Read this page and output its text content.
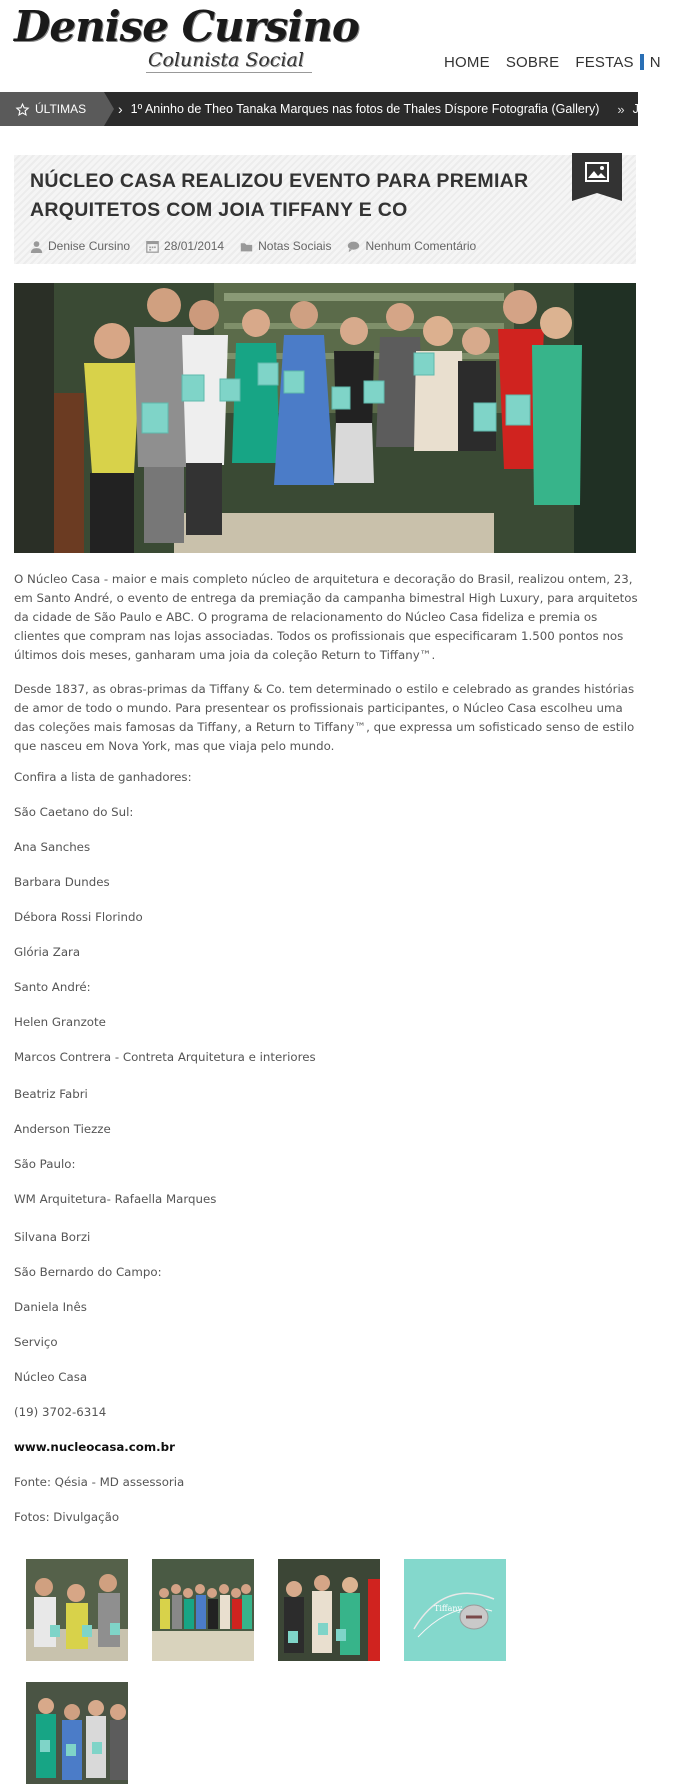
Denise Cursino
Colunista Social	HOME	SOBRE	FESTAS	N
ÚLTIMAS › 1º Aninho de Theo Tanaka Marques nas fotos de Thales Díspore Fotografia (Gallery) » J
NÚCLEO CASA REALIZOU EVENTO PARA PREMIAR ARQUITETOS COM JOIA TIFFANY E CO
Denise Cursino	28/01/2014	Notas Sociais	Nenhum Comentário

O Núcleo Casa - maior e mais completo núcleo de arquitetura e decoração do Brasil, realizou ontem, 23, em Santo André, o evento de entrega da premiação da campanha bimestral High Luxury, para arquitetos da cidade de São Paulo e ABC. O programa de relacionamento do Núcleo Casa fideliza e premia os clientes que compram nas lojas associadas. Todos os profissionais que especificaram 1.500 pontos nos últimos dois meses, ganharam uma joia da coleção Return to Tiffany™.

Desde 1837, as obras-primas da Tiffany & Co. tem determinado o estilo e celebrado as grandes histórias de amor de todo o mundo. Para presentear os profissionais participantes, o Núcleo Casa escolheu uma das coleções mais famosas da Tiffany, a Return to Tiffany™, que expressa um sofisticado senso de estilo que nasceu em Nova York, mas que viaja pelo mundo.

Confira a lista de ganhadores:
São Caetano do Sul:
Ana Sanches
Barbara Dundes
Débora Rossi Florindo
Glória Zara
Santo André:
Helen Granzote
Marcos Contrera - Contreta Arquitetura e interiores
Beatriz Fabri
Anderson Tiezze
São Paulo:
WM Arquitetura- Rafaella Marques
Silvana Borzi
São Bernardo do Campo:
Daniela Inês
Serviço
Núcleo Casa
(19) 3702-6314
www.nucleocasa.com.br
Fonte: Qésia - MD assessoria
Fotos: Divulgação
Tiffany
